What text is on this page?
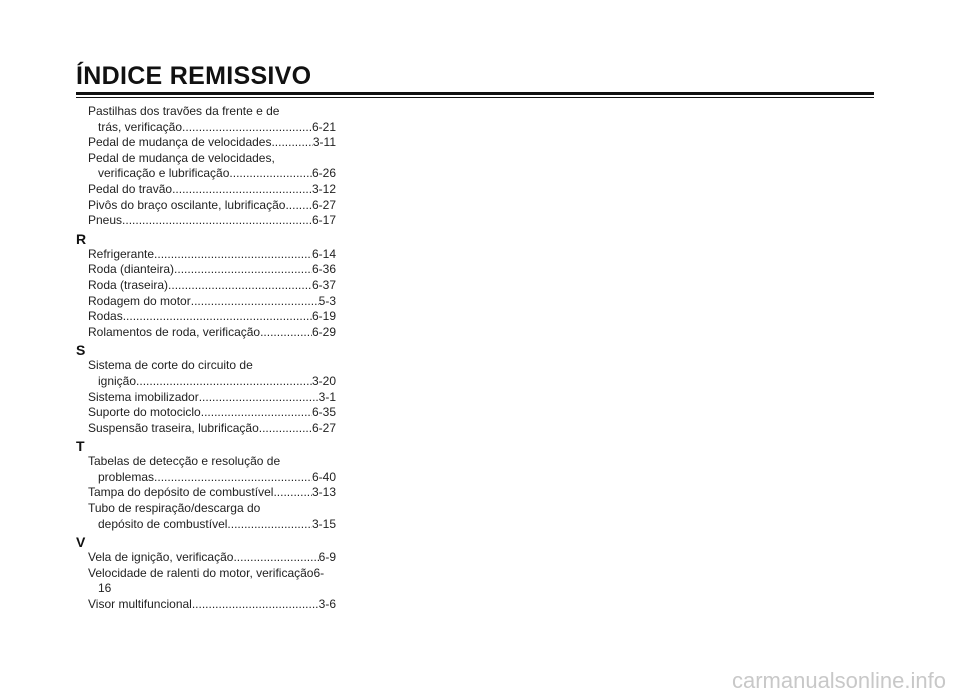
ÍNDICE REMISSIVO
Pastilhas dos travões da frente e de
trás, verificação .....	6-21
Pedal de mudança de velocidades .....	3-11
Pedal de mudança de velocidades,
verificação e lubrificação .....	6-26
Pedal do travão .....	3-12
Pivôs do braço oscilante, lubrificação ..... 6-27
Pneus .....	6-17
R
Refrigerante .....	6-14
Roda (dianteira) .....	6-36
Roda (traseira) .....	6-37
Rodagem do motor .....	5-3
Rodas .....	6-19
Rolamentos de roda, verificação .....	6-29
S
Sistema de corte do circuito de
ignição .....	3-20
Sistema imobilizador .....	3-1
Suporte do motociclo .....	6-35
Suspensão traseira, lubrificação. .....	6-27
T
Tabelas de detecção e resolução de
problemas .....	6-40
Tampa do depósito de combustível .....	3-13
Tubo de respiração/descarga do
depósito de combustível .....	3-15
V
Vela de ignição, verificação .....	6-9
Velocidade de ralenti do motor, verificação6-
16
Visor multifuncional .....	3-6
carmanualsonline.info
